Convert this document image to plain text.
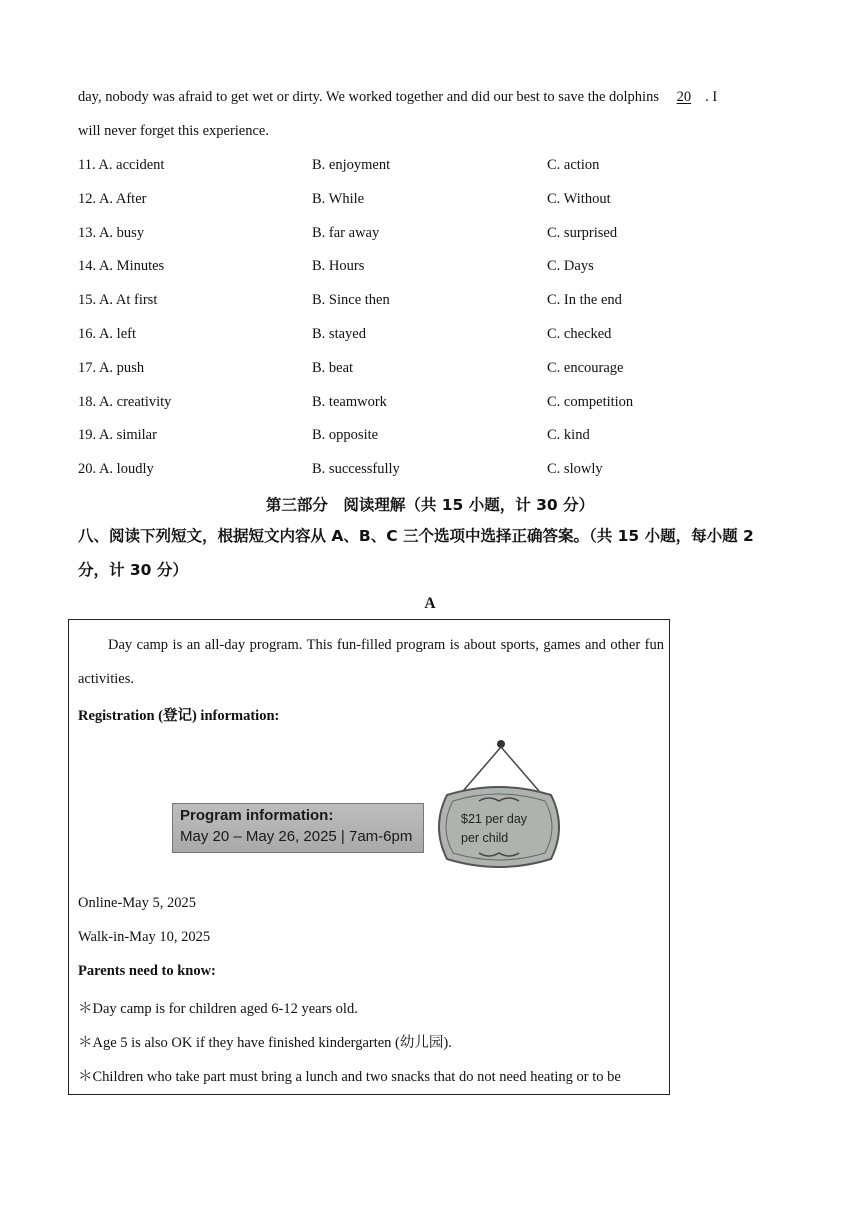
day, nobody was afraid to get wet or dirty. We worked together and did our best to save the dolphins 20 . I
will never forget this experience.
11. A. accident	B. enjoyment	C. action
12. A. After	B. While	C. Without
13. A. busy	B. far away	C. surprised
14. A. Minutes	B. Hours	C. Days
15. A. At first	B. Since then	C. In the end
16. A. left	B. stayed	C. checked
17. A. push	B. beat	C. encourage
18. A. creativity	B. teamwork	C. competition
19. A. similar	B. opposite	C. kind
20. A. loudly	B. successfully	C. slowly
第三部分　阅读理解（共 15 小题，计 30 分）
八、阅读下列短文，根据短文内容从 A、B、C 三个选项中选择正确答案。（共 15 小题，每小题 2 分，计 30 分）
A
Day camp is an all-day program. This fun-filled program is about sports, games and other fun activities.
Registration (登记) information:
Program information:
May 20 – May 26, 2025 | 7am-6pm
$21 per day
per child
Online-May 5, 2025
Walk-in-May 10, 2025
Parents need to know:
＊Day camp is for children aged 6-12 years old.
＊Age 5 is also OK if they have finished kindergarten (幼儿园).
＊Children who take part must bring a lunch and two snacks that do not need heating or to be
